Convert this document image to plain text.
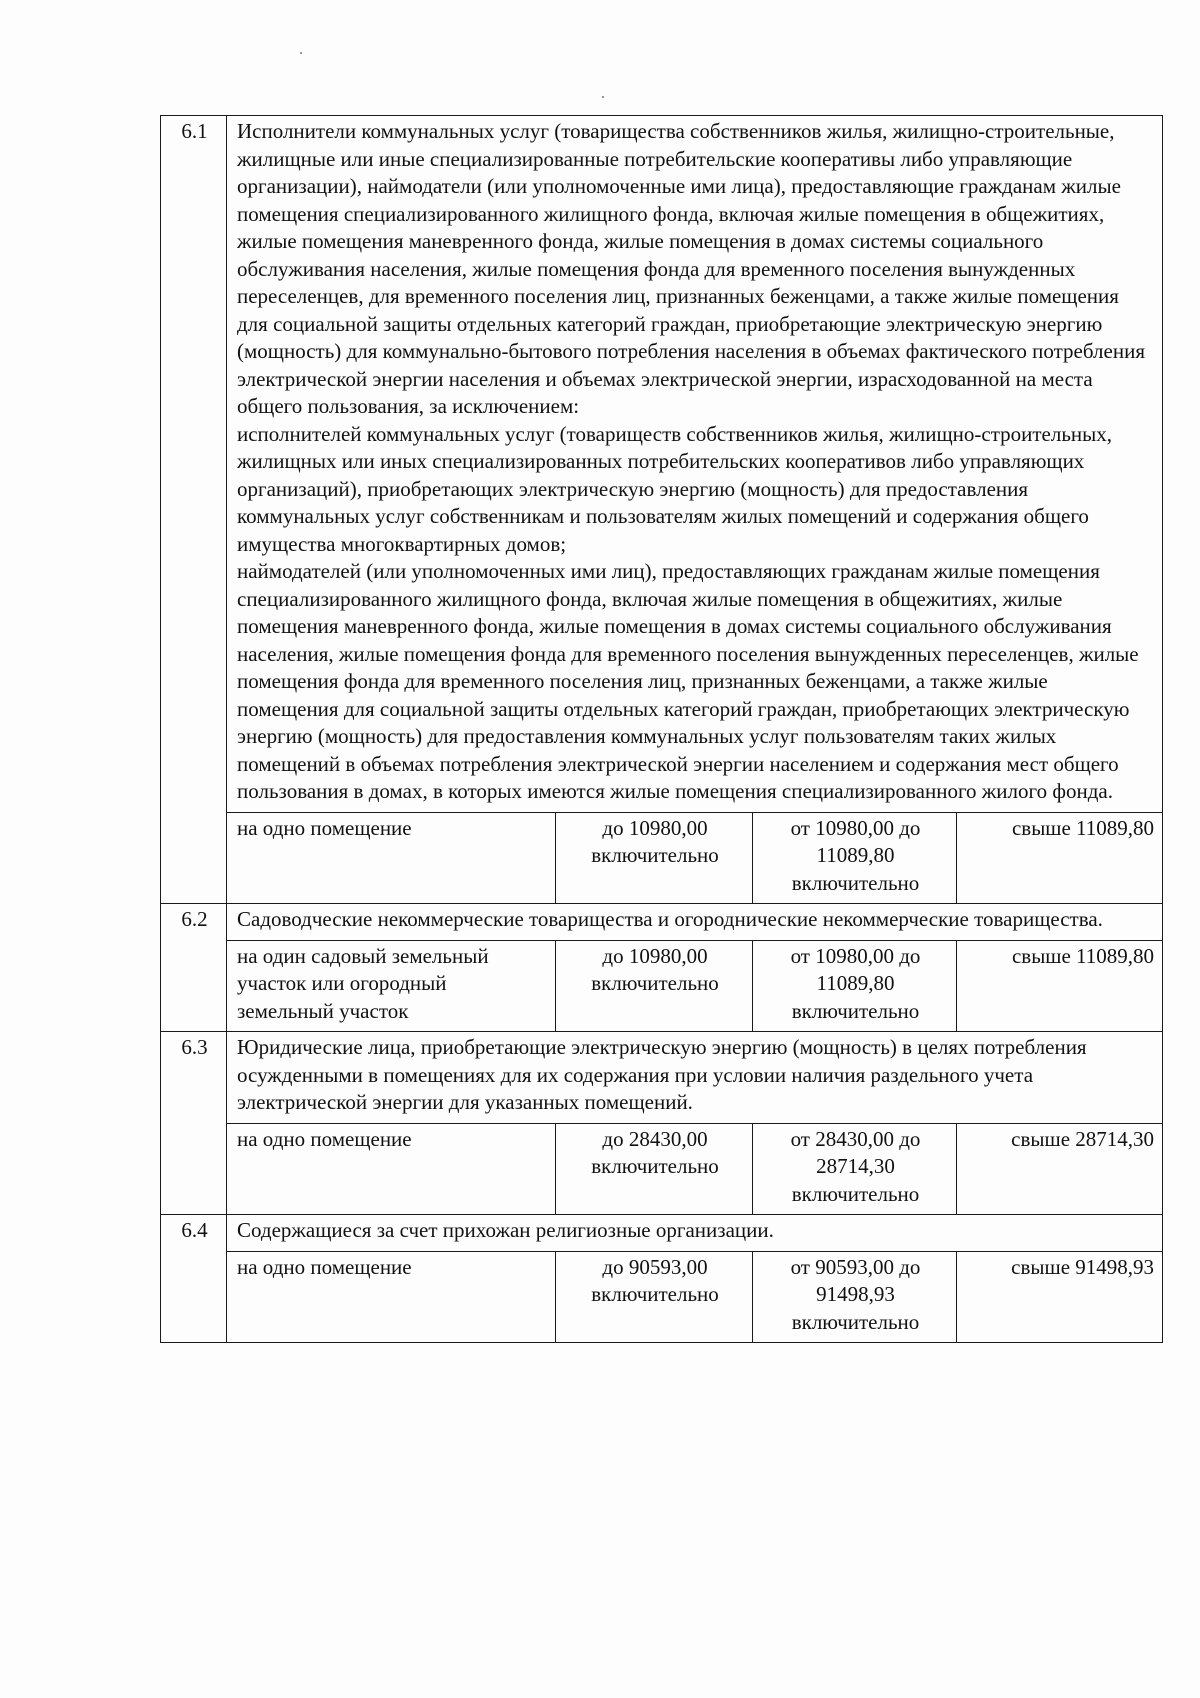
6.1	Исполнители коммунальных услуг (товарищества собственников жилья, жилищно-строительные, жилищные или иные специализированные потребительские кооперативы либо управляющие организации), наймодатели (или уполномоченные ими лица), предоставляющие гражданам жилые помещения специализированного жилищного фонда, включая жилые помещения в общежитиях, жилые помещения маневренного фонда, жилые помещения в домах системы социального обслуживания населения, жилые помещения фонда для временного поселения вынужденных переселенцев, для временного поселения лиц, признанных беженцами, а также жилые помещения для социальной защиты отдельных категорий граждан, приобретающие электрическую энергию (мощность) для коммунально-бытового потребления населения в объемах фактического потребления электрической энергии населения и объемах электрической энергии, израсходованной на места общего пользования, за исключением:
исполнителей коммунальных услуг (товариществ собственников жилья, жилищно-строительных, жилищных или иных специализированных потребительских кооперативов либо управляющих организаций), приобретающих электрическую энергию (мощность) для предоставления коммунальных услуг собственникам и пользователям жилых помещений и содержания общего имущества многоквартирных домов;
наймодателей (или уполномоченных ими лиц), предоставляющих гражданам жилые помещения специализированного жилищного фонда, включая жилые помещения в общежитиях, жилые помещения маневренного фонда, жилые помещения в домах системы социального обслуживания населения, жилые помещения фонда для временного поселения вынужденных переселенцев, жилые помещения фонда для временного поселения лиц, признанных беженцами, а также жилые помещения для социальной защиты отдельных категорий граждан, приобретающих электрическую энергию (мощность) для предоставления коммунальных услуг пользователям таких жилых помещений в объемах потребления электрической энергии населением и содержания мест общего пользования в домах, в которых имеются жилые помещения специализированного жилого фонда.			

	на одно помещение	до 10980,00 включительно	от 10980,00 до 11089,80 включительно	свыше 11089,80
6.2	Садоводческие некоммерческие товарищества и огороднические некоммерческие товарищества.			

	на один садовый земельный участок или огородный земельный участок	до 10980,00 включительно	от 10980,00 до 11089,80 включительно	свыше 11089,80
6.3	Юридические лица, приобретающие электрическую энергию (мощность) в целях потребления осужденными в помещениях для их содержания при условии наличия раздельного учета электрической энергии для указанных помещений.			

	на одно помещение	до 28430,00 включительно	от 28430,00 до 28714,30 включительно	свыше 28714,30
6.4	Содержащиеся за счет прихожан религиозные организации.			

	на одно помещение	до 90593,00 включительно	от 90593,00 до 91498,93 включительно	свыше 91498,93
